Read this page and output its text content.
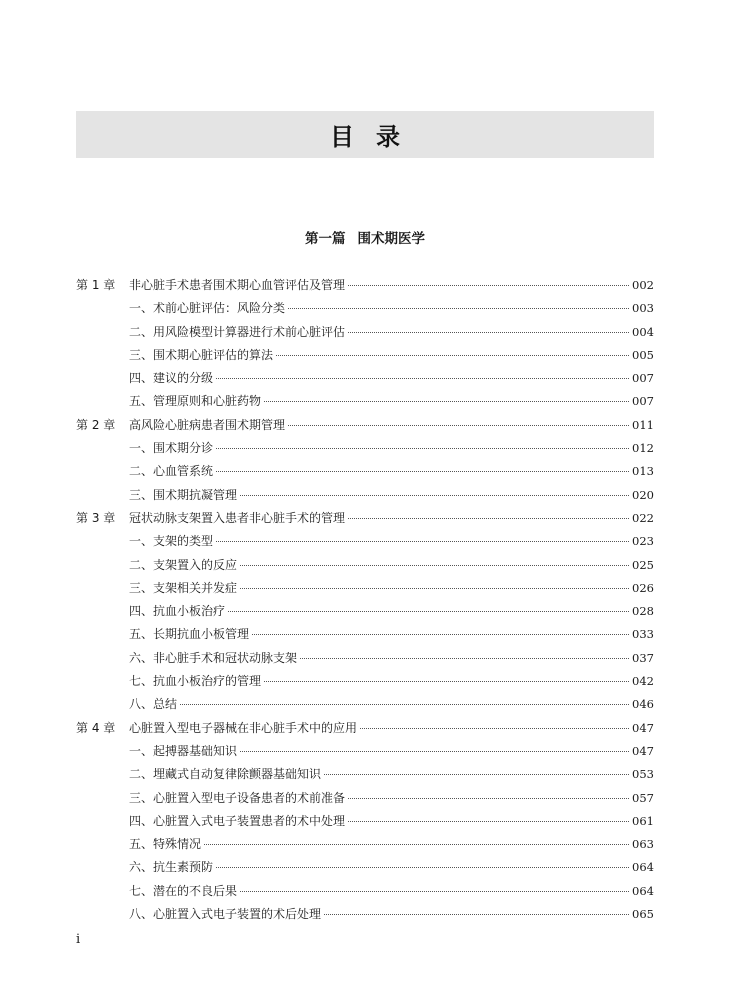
目录
第一篇 围术期医学
第 1 章	非心脏手术患者围术期心血管评估及管理	002
一、术前心脏评估：风险分类	003
二、用风险模型计算器进行术前心脏评估	004
三、围术期心脏评估的算法	005
四、建议的分级	007
五、管理原则和心脏药物	007
第 2 章	高风险心脏病患者围术期管理	011
一、围术期分诊	012
二、心血管系统	013
三、围术期抗凝管理	020
第 3 章	冠状动脉支架置入患者非心脏手术的管理	022
一、支架的类型	023
二、支架置入的反应	025
三、支架相关并发症	026
四、抗血小板治疗	028
五、长期抗血小板管理	033
六、非心脏手术和冠状动脉支架	037
七、抗血小板治疗的管理	042
八、总结	046
第 4 章	心脏置入型电子器械在非心脏手术中的应用	047
一、起搏器基础知识	047
二、埋藏式自动复律除颤器基础知识	053
三、心脏置入型电子设备患者的术前准备	057
四、心脏置入式电子装置患者的术中处理	061
五、特殊情况	063
六、抗生素预防	064
七、潜在的不良后果	064
八、心脏置入式电子装置的术后处理	065
i
